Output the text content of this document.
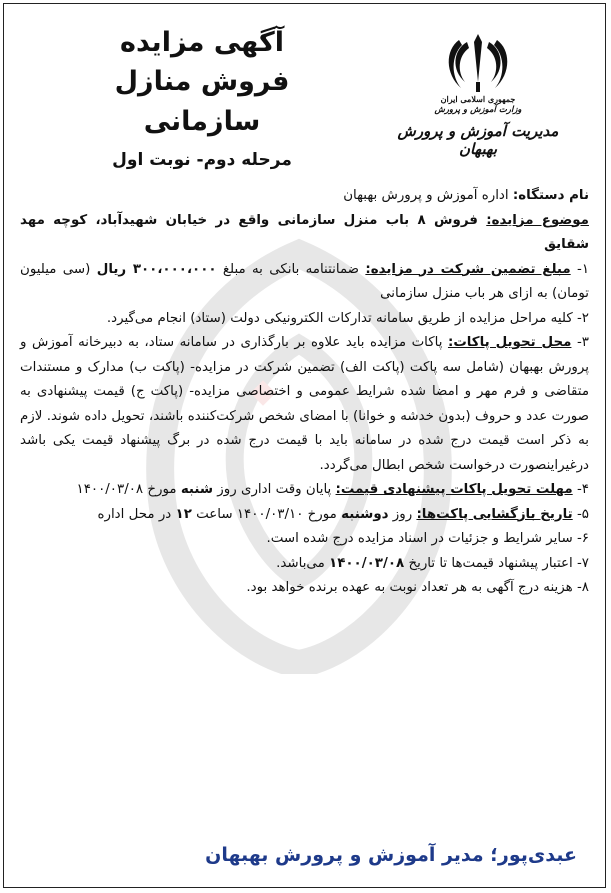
جمهوری اسلامی ایران
وزارت آموزش و پرورش
مدیریت آموزش و پرورش بهبهان
آگهی مزایده
فروش منازل سازمانی
مرحله دوم- نوبت اول

نام دستگاه: اداره آموزش و پرورش بهبهان

موضوع مزایده: فروش ۸ باب منزل سازمانی واقع در خیابان شهیدآباد، کوچه مهد شقایق

۱- مبلغ تضمین شرکت در مزایده: ضمانتنامه بانکی به مبلغ ۳۰۰،۰۰۰،۰۰۰ ریال (سی میلیون تومان) به ازای هر باب منزل سازمانی

۲- کلیه مراحل مزایده از طریق سامانه تدارکات الکترونیکی دولت (ستاد) انجام می‌گیرد.

۳- محل تحویل پاکات: پاکات مزایده باید علاوه بر بارگذاری در سامانه ستاد، به دبیرخانه آموزش و پرورش بهبهان (شامل سه پاکت (پاکت الف) تضمین شرکت در مزایده- (پاکت ب) مدارک و مستندات متقاضی و فرم مهر و امضا شده شرایط عمومی و اختصاصی مزایده- (پاکت ج) قیمت پیشنهادی به صورت عدد و حروف (بدون خدشه و خوانا) با امضای شخص شرکت‌کننده باشند، تحویل داده شوند. لازم به ذکر است قیمت درج شده در سامانه باید با قیمت درج شده در برگ پیشنهاد قیمت یکی باشد درغیراینصورت درخواست شخص ابطال می‌گردد.

۴- مهلت تحویل پاکات پیشنهادی قیمت: پایان وقت اداری روز شنبه مورخ ۱۴۰۰/۰۳/۰۸

۵- تاریخ بازگشایی پاکت‌ها: روز دوشنبه مورخ ۱۴۰۰/۰۳/۱۰ ساعت ۱۲ در محل اداره

۶- سایر شرایط و جزئیات در اسناد مزایده درج شده است.

۷- اعتبار پیشنهاد قیمت‌ها تا تاریخ ۱۴۰۰/۰۳/۰۸ می‌باشد.

۸- هزینه درج آگهی به هر تعداد نوبت به عهده برنده خواهد بود.

عبدی‌پور؛ مدیر آموزش و پرورش بهبهان
